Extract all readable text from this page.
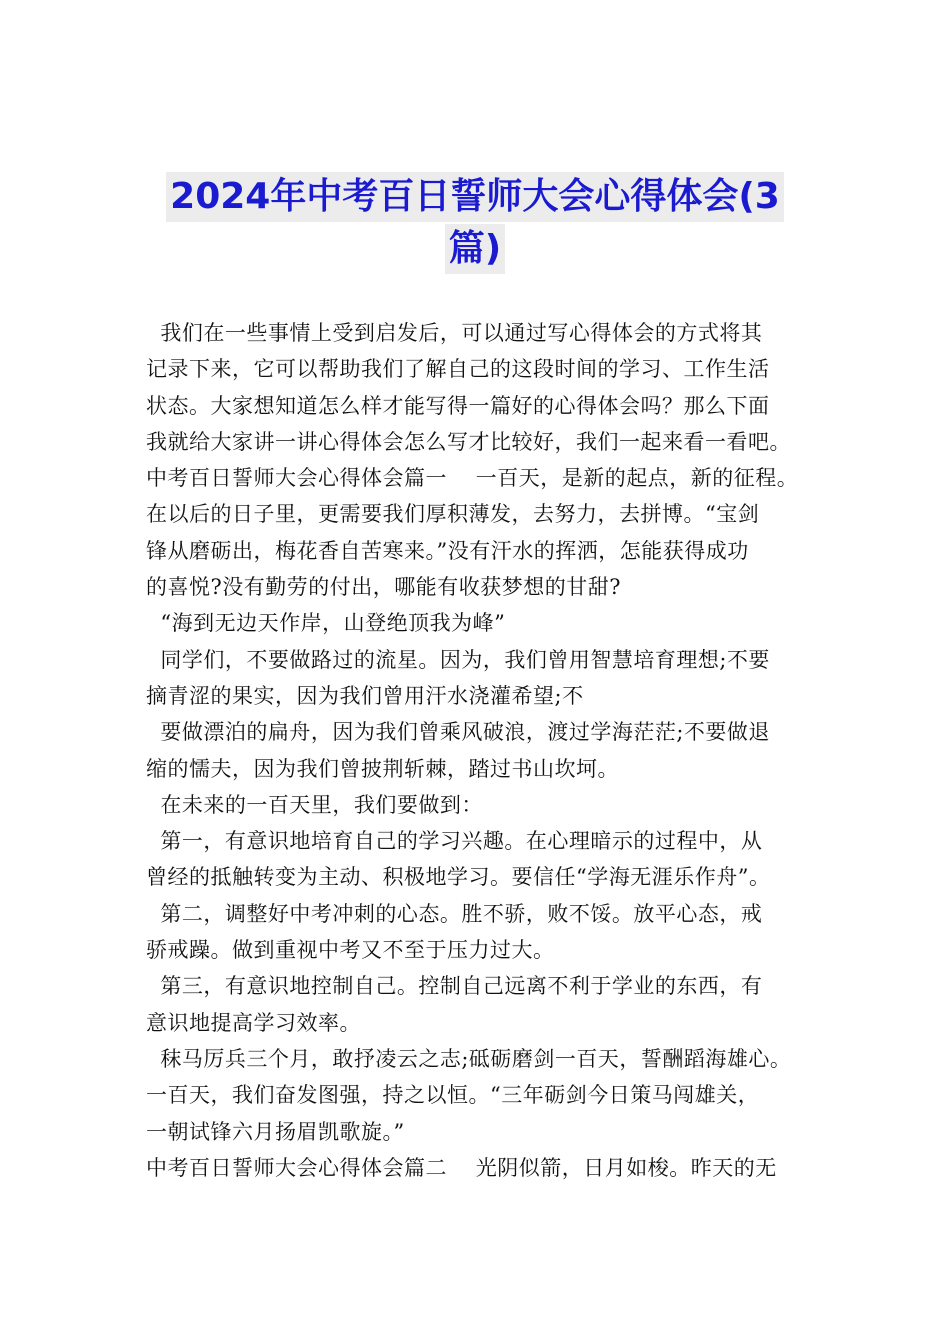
2024年中考百日誓师大会心得体会(3
篇)
我们在一些事情上受到启发后，可以通过写心得体会的方式将其
记录下来，它可以帮助我们了解自己的这段时间的学习、工作生活
状态。大家想知道怎么样才能写得一篇好的心得体会吗？那么下面
我就给大家讲一讲心得体会怎么写才比较好，我们一起来看一看吧。
中考百日誓师大会心得体会篇一    一百天，是新的起点，新的征程。
在以后的日子里，更需要我们厚积薄发，去努力，去拼博。“宝剑
锋从磨砺出，梅花香自苦寒来。”没有汗水的挥洒，怎能获得成功
的喜悦?没有勤劳的付出，哪能有收获梦想的甘甜?
“海到无边天作岸，山登绝顶我为峰”
同学们，不要做路过的流星。因为，我们曾用智慧培育理想;不要
摘青涩的果实，因为我们曾用汗水浇灌希望;不
要做漂泊的扁舟，因为我们曾乘风破浪，渡过学海茫茫;不要做退
缩的懦夫，因为我们曾披荆斩棘，踏过书山坎坷。
在未来的一百天里，我们要做到：
第一，有意识地培育自己的学习兴趣。在心理暗示的过程中，从
曾经的抵触转变为主动、积极地学习。要信任“学海无涯乐作舟”。
第二，调整好中考冲刺的心态。胜不骄，败不馁。放平心态，戒
骄戒躁。做到重视中考又不至于压力过大。
第三，有意识地控制自己。控制自己远离不利于学业的东西，有
意识地提高学习效率。
秣马厉兵三个月，敢抒凌云之志;砥砺磨剑一百天，誓酬蹈海雄心。
一百天，我们奋发图强，持之以恒。“三年砺剑今日策马闯雄关，
一朝试锋六月扬眉凯歌旋。”
中考百日誓师大会心得体会篇二    光阴似箭，日月如梭。昨天的无
